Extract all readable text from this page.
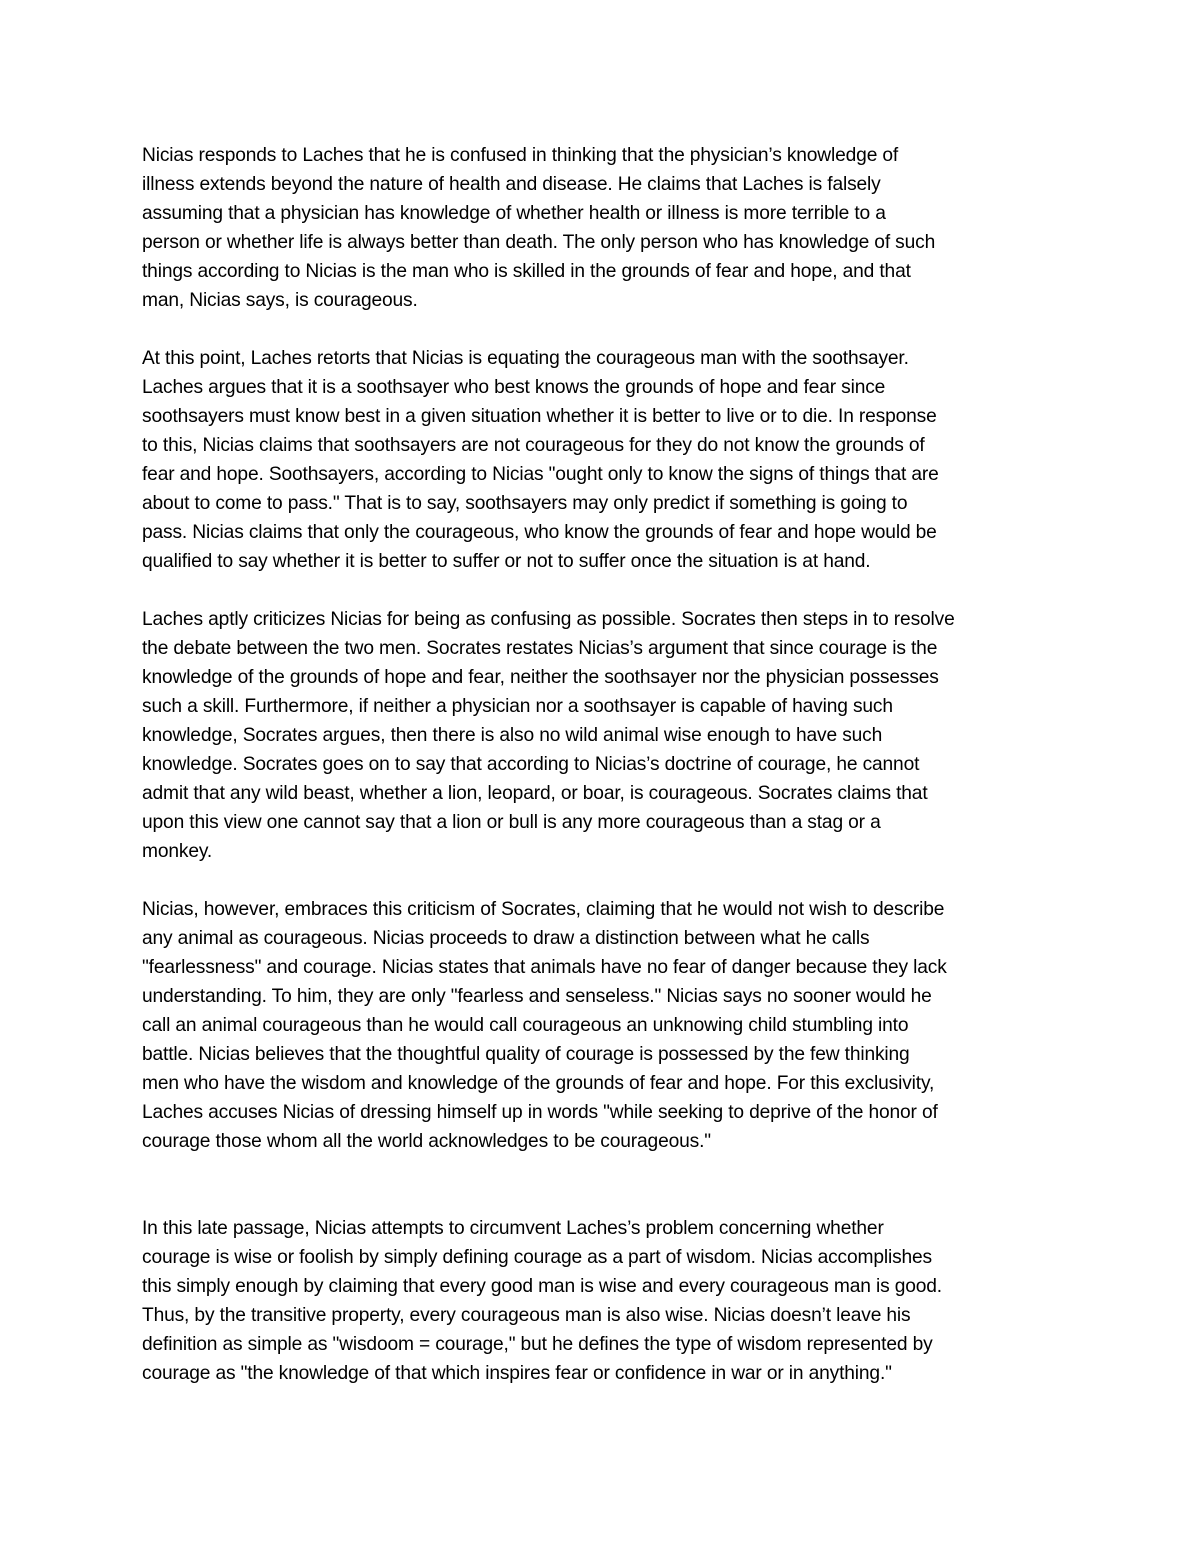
Nicias responds to Laches that he is confused in thinking that the physician’s knowledge of

illness extends beyond the nature of health and disease. He claims that Laches is falsely

assuming that a physician has knowledge of whether health or illness is more terrible to a

person or whether life is always better than death. The only person who has knowledge of such

things according to Nicias is the man who is skilled in the grounds of fear and hope, and that

man, Nicias says, is courageous.

At this point, Laches retorts that Nicias is equating the courageous man with the soothsayer.

Laches argues that it is a soothsayer who best knows the grounds of hope and fear since

soothsayers must know best in a given situation whether it is better to live or to die. In response

to this, Nicias claims that soothsayers are not courageous for they do not know the grounds of

fear and hope. Soothsayers, according to Nicias "ought only to know the signs of things that are

about to come to pass." That is to say, soothsayers may only predict if something is going to

pass. Nicias claims that only the courageous, who know the grounds of fear and hope would be

qualified to say whether it is better to suffer or not to suffer once the situation is at hand.

Laches aptly criticizes Nicias for being as confusing as possible. Socrates then steps in to resolve

the debate between the two men. Socrates restates Nicias’s argument that since courage is the

knowledge of the grounds of hope and fear, neither the soothsayer nor the physician possesses

such a skill. Furthermore, if neither a physician nor a soothsayer is capable of having such

knowledge, Socrates argues, then there is also no wild animal wise enough to have such

knowledge. Socrates goes on to say that according to Nicias’s doctrine of courage, he cannot

admit that any wild beast, whether a lion, leopard, or boar, is courageous. Socrates claims that

upon this view one cannot say that a lion or bull is any more courageous than a stag or a

monkey.

Nicias, however, embraces this criticism of Socrates, claiming that he would not wish to describe

any animal as courageous. Nicias proceeds to draw a distinction between what he calls

"fearlessness" and courage. Nicias states that animals have no fear of danger because they lack

understanding. To him, they are only "fearless and senseless." Nicias says no sooner would he

call an animal courageous than he would call courageous an unknowing child stumbling into

battle. Nicias believes that the thoughtful quality of courage is possessed by the few thinking

men who have the wisdom and knowledge of the grounds of fear and hope. For this exclusivity,

Laches accuses Nicias of dressing himself up in words "while seeking to deprive of the honor of

courage those whom all the world acknowledges to be courageous."

In this late passage, Nicias attempts to circumvent Laches’s problem concerning whether

courage is wise or foolish by simply defining courage as a part of wisdom. Nicias accomplishes

this simply enough by claiming that every good man is wise and every courageous man is good.

Thus, by the transitive property, every courageous man is also wise. Nicias doesn’t leave his

definition as simple as "wisdoom = courage," but he defines the type of wisdom represented by

courage as "the knowledge of that which inspires fear or confidence in war or in anything."
